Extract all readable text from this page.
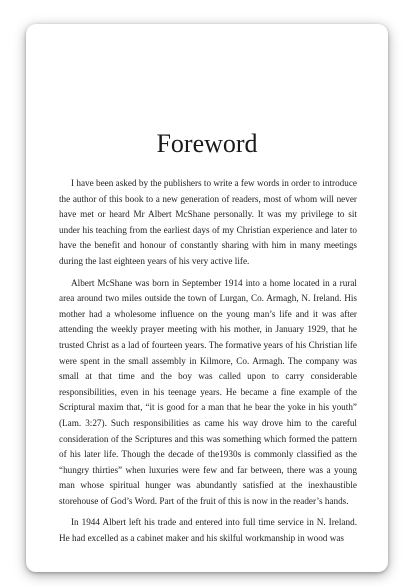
Foreword

I have been asked by the publishers to write a few words in order to introduce the author of this book to a new generation of readers, most of whom will never have met or heard Mr Albert McShane personally. It was my privilege to sit under his teaching from the earliest days of my Christian experience and later to have the benefit and honour of constantly sharing with him in many meetings during the last eighteen years of his very active life.

Albert McShane was born in September 1914 into a home located in a rural area around two miles outside the town of Lurgan, Co. Armagh, N. Ireland. His mother had a wholesome influence on the young man’s life and it was after attending the weekly prayer meeting with his mother, in January 1929, that he trusted Christ as a lad of fourteen years. The formative years of his Christian life were spent in the small assembly in Kilmore, Co. Armagh. The company was small at that time and the boy was called upon to carry considerable responsibilities, even in his teenage years. He became a fine example of the Scriptural maxim that, “it is good for a man that he bear the yoke in his youth” (Lam. 3:27). Such responsibilities as came his way drove him to the careful consideration of the Scriptures and this was something which formed the pattern of his later life. Though the decade of the1930s is commonly classified as the “hungry thirties” when luxuries were few and far between, there was a young man whose spiritual hunger was abundantly satisfied at the inexhaustible storehouse of God’s Word. Part of the fruit of this is now in the reader’s hands.

In 1944 Albert left his trade and entered into full time service in N. Ireland. He had excelled as a cabinet maker and his skilful workmanship in wood was
